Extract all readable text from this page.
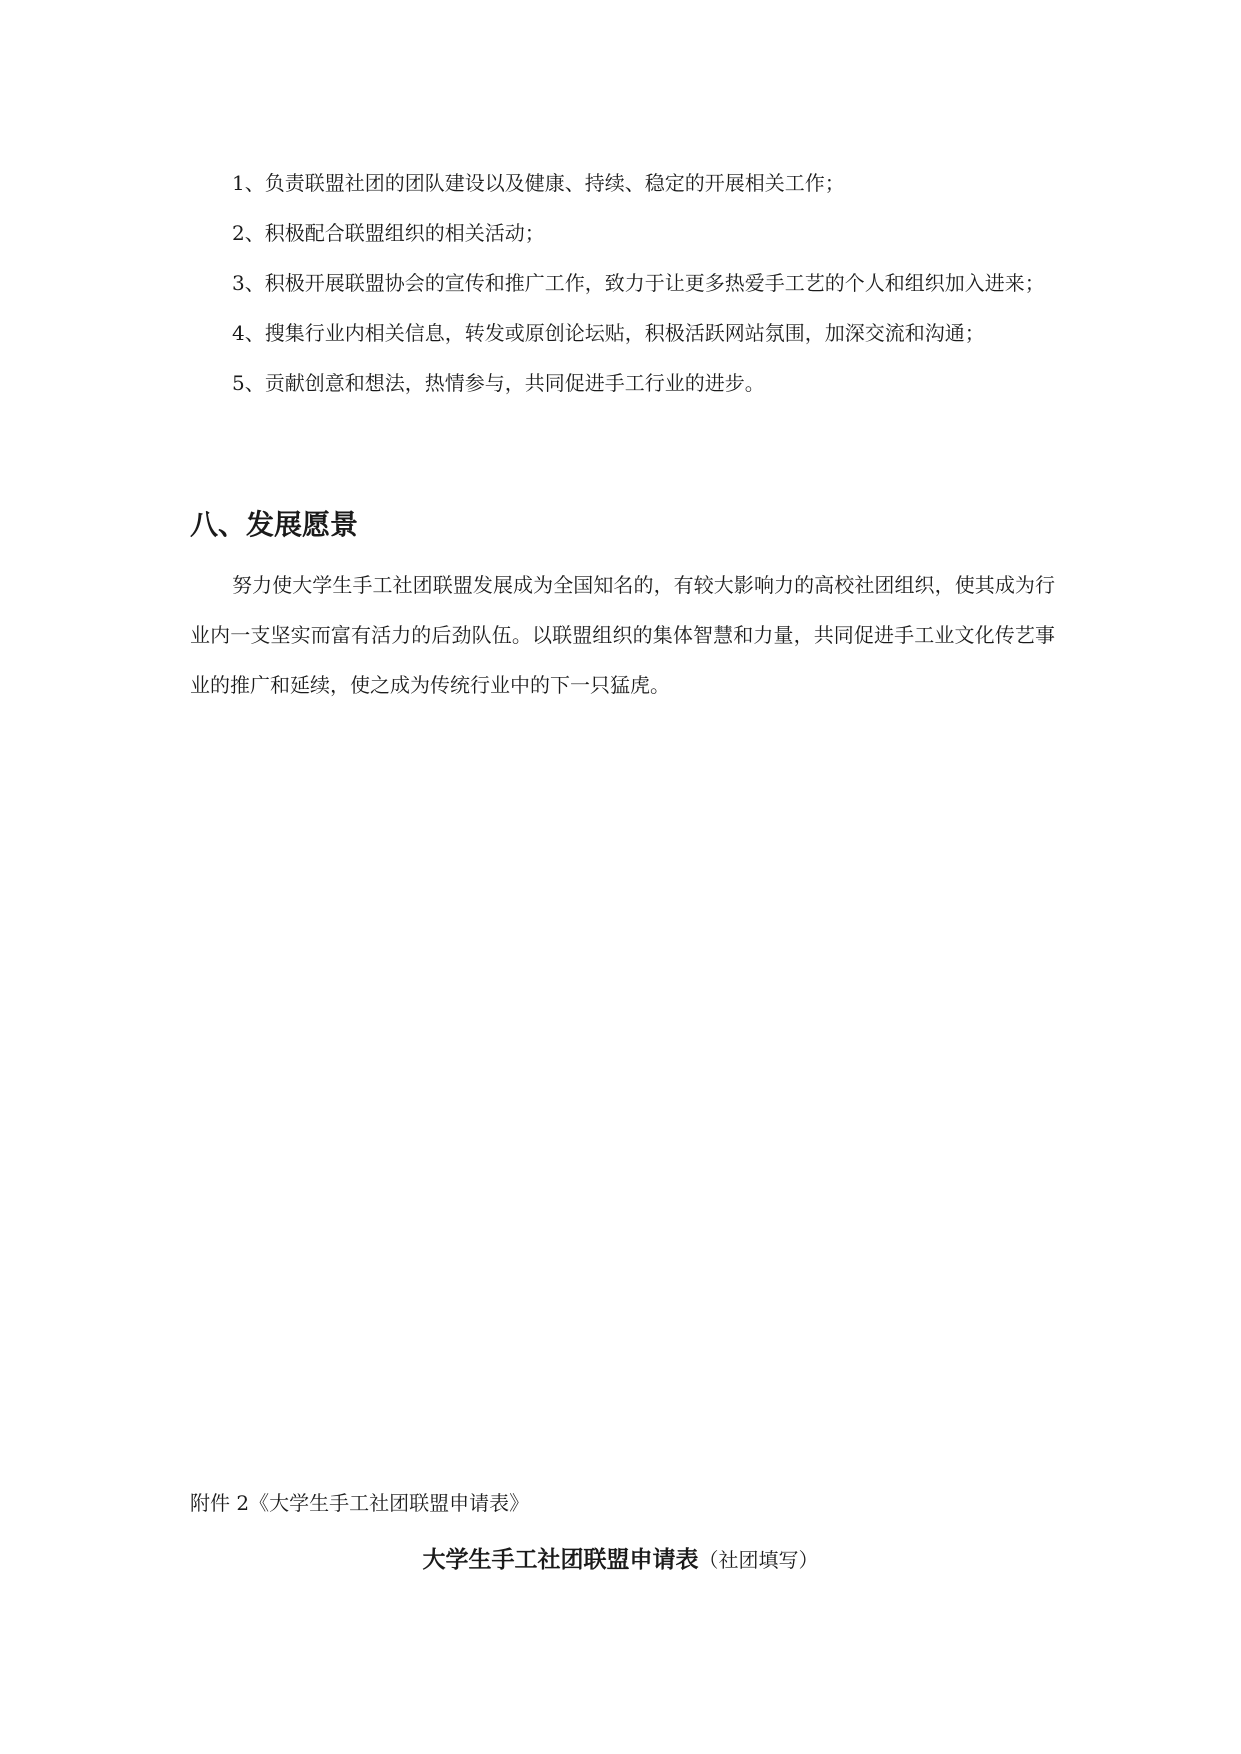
1、负责联盟社团的团队建设以及健康、持续、稳定的开展相关工作；
2、积极配合联盟组织的相关活动；
3、积极开展联盟协会的宣传和推广工作，致力于让更多热爱手工艺的个人和组织加入进来；
4、搜集行业内相关信息，转发或原创论坛贴，积极活跃网站氛围，加深交流和沟通；
5、贡献创意和想法，热情参与，共同促进手工行业的进步。
八、发展愿景

努力使大学生手工社团联盟发展成为全国知名的，有较大影响力的高校社团组织，使其成为行业内一支坚实而富有活力的后劲队伍。以联盟组织的集体智慧和力量，共同促进手工业文化传艺事业的推广和延续，使之成为传统行业中的下一只猛虎。

附件 2《大学生手工社团联盟申请表》

大学生手工社团联盟申请表（社团填写）
